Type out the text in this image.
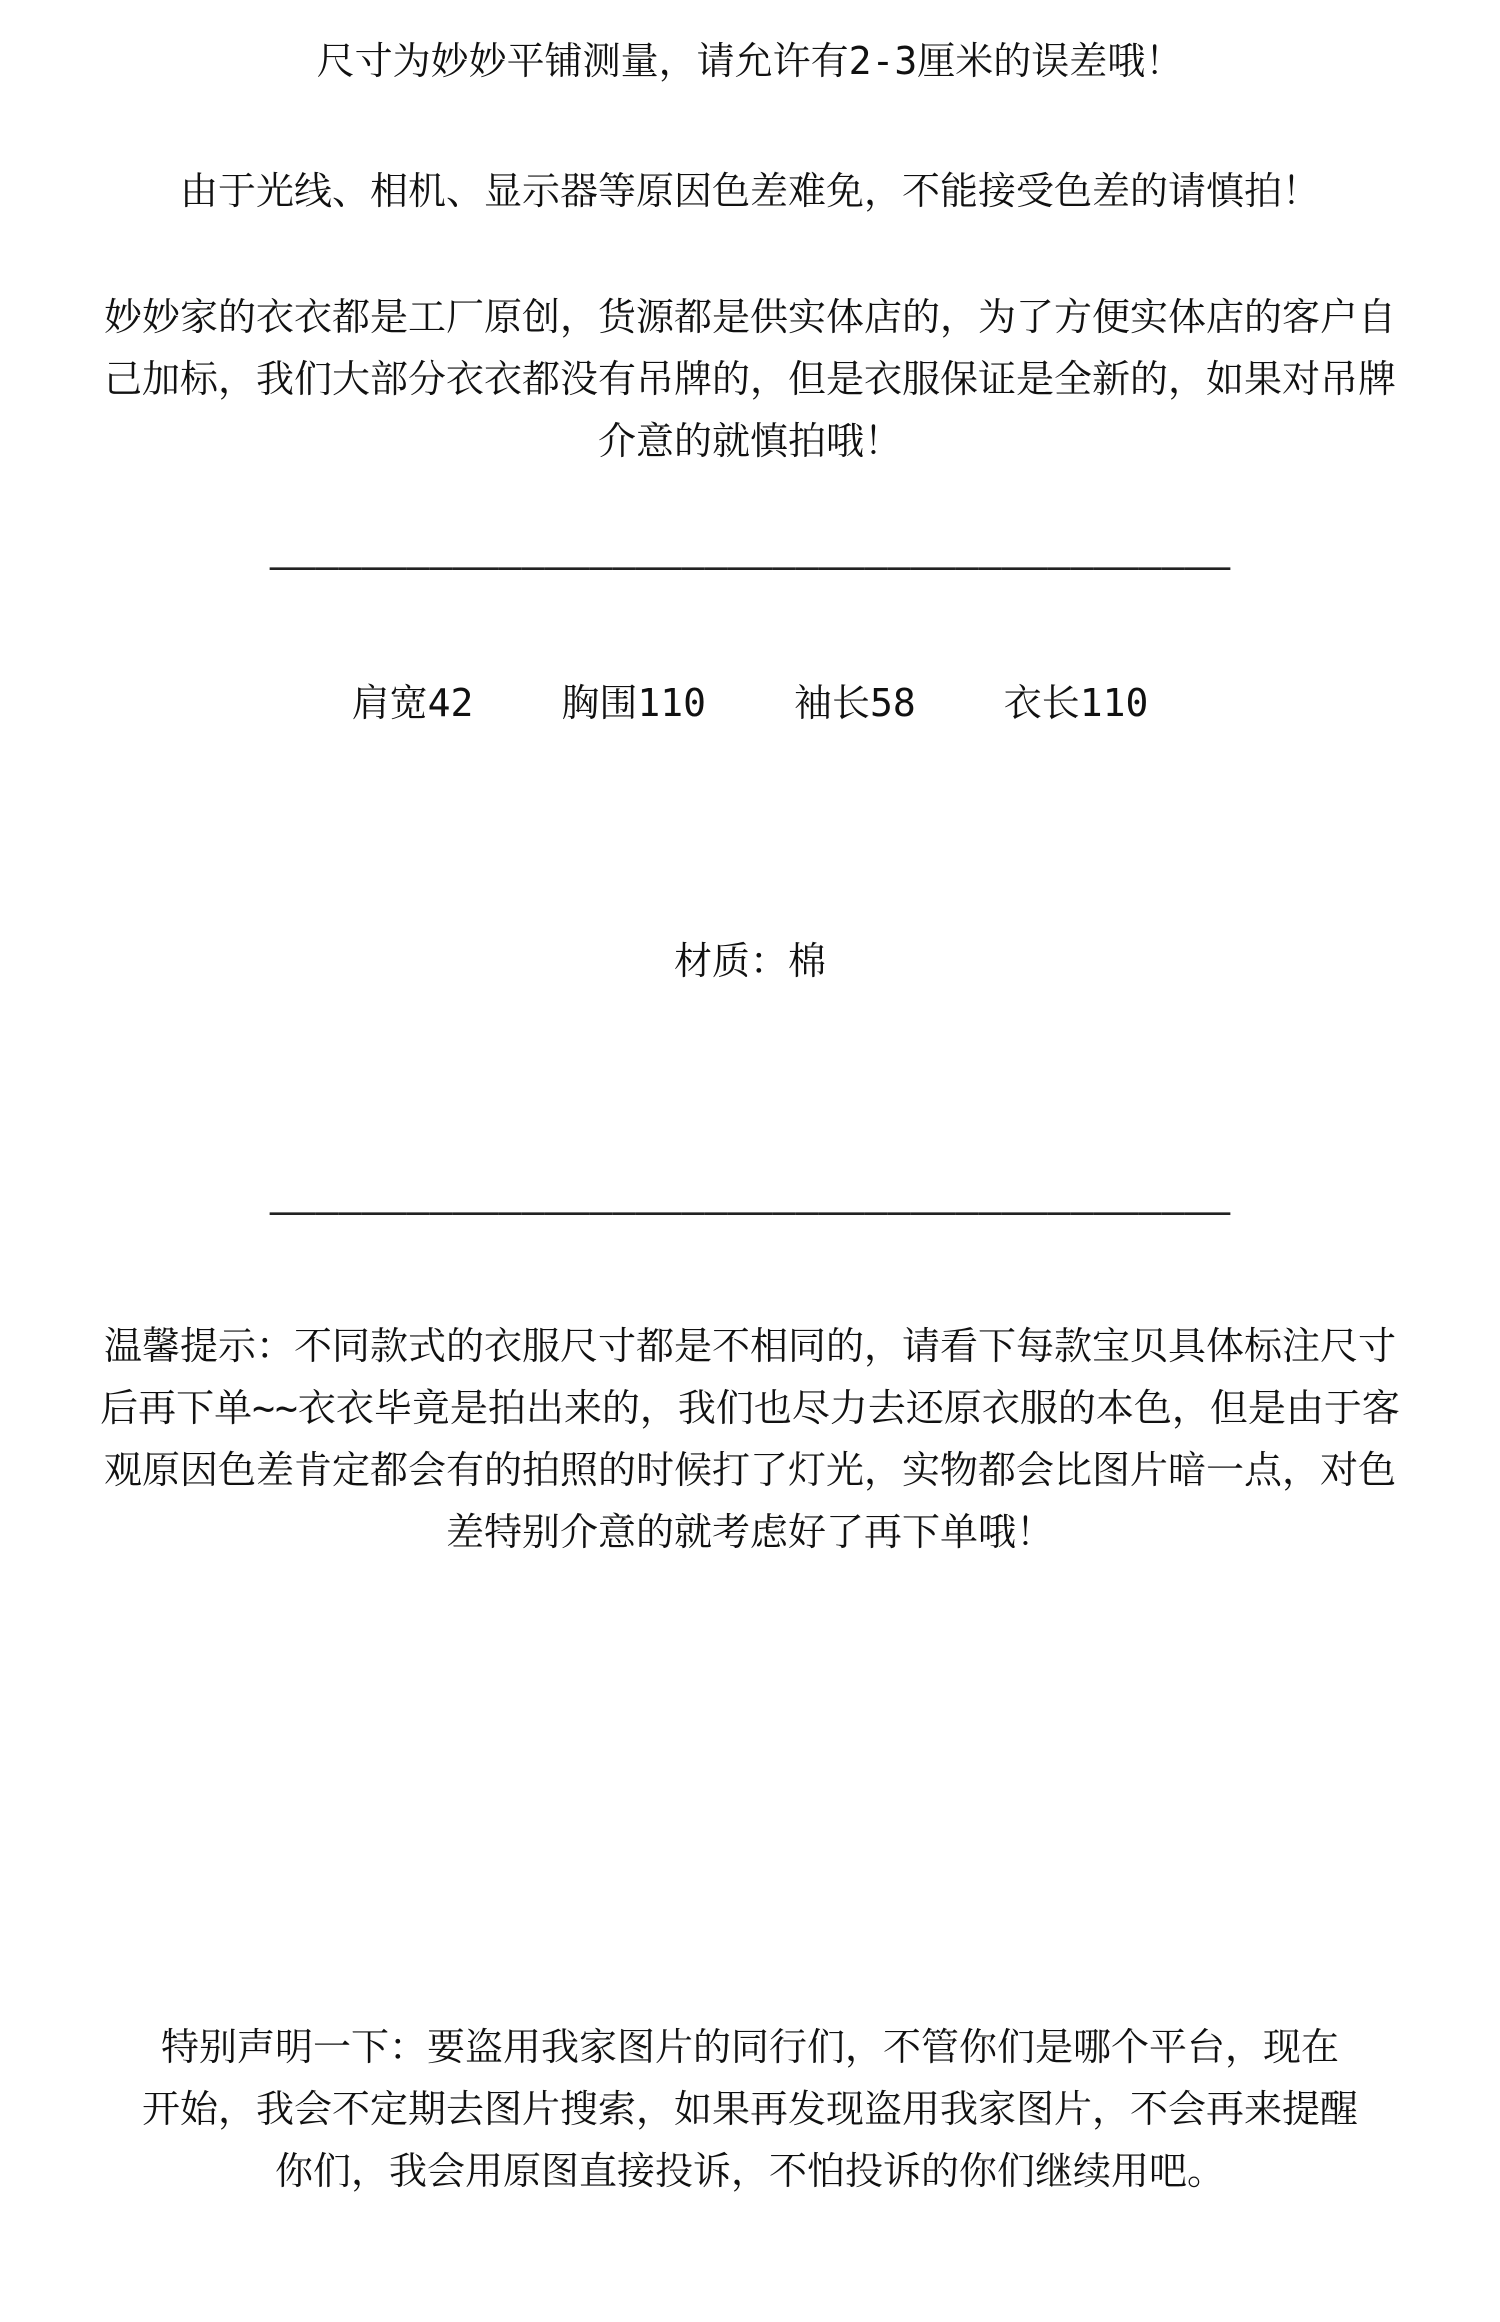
尺寸为妙妙平铺测量，请允许有2-3厘米的误差哦！

由于光线、相机、显示器等原因色差难免，不能接受色差的请慎拍！

妙妙家的衣衣都是工厂原创，货源都是供实体店的，为了方便实体店的客户自
己加标，我们大部分衣衣都没有吊牌的，但是衣服保证是全新的，如果对吊牌
介意的就慎拍哦！

——————————————————————————————————————————
肩宽42 胸围110 袖长58 衣长110

材质：棉

——————————————————————————————————————————

温馨提示：不同款式的衣服尺寸都是不相同的，请看下每款宝贝具体标注尺寸
后再下单~~衣衣毕竟是拍出来的，我们也尽力去还原衣服的本色，但是由于客
观原因色差肯定都会有的拍照的时候打了灯光，实物都会比图片暗一点，对色
差特别介意的就考虑好了再下单哦！

特别声明一下：要盗用我家图片的同行们，不管你们是哪个平台，现在
开始，我会不定期去图片搜索，如果再发现盗用我家图片，不会再来提醒
你们，我会用原图直接投诉，不怕投诉的你们继续用吧。
